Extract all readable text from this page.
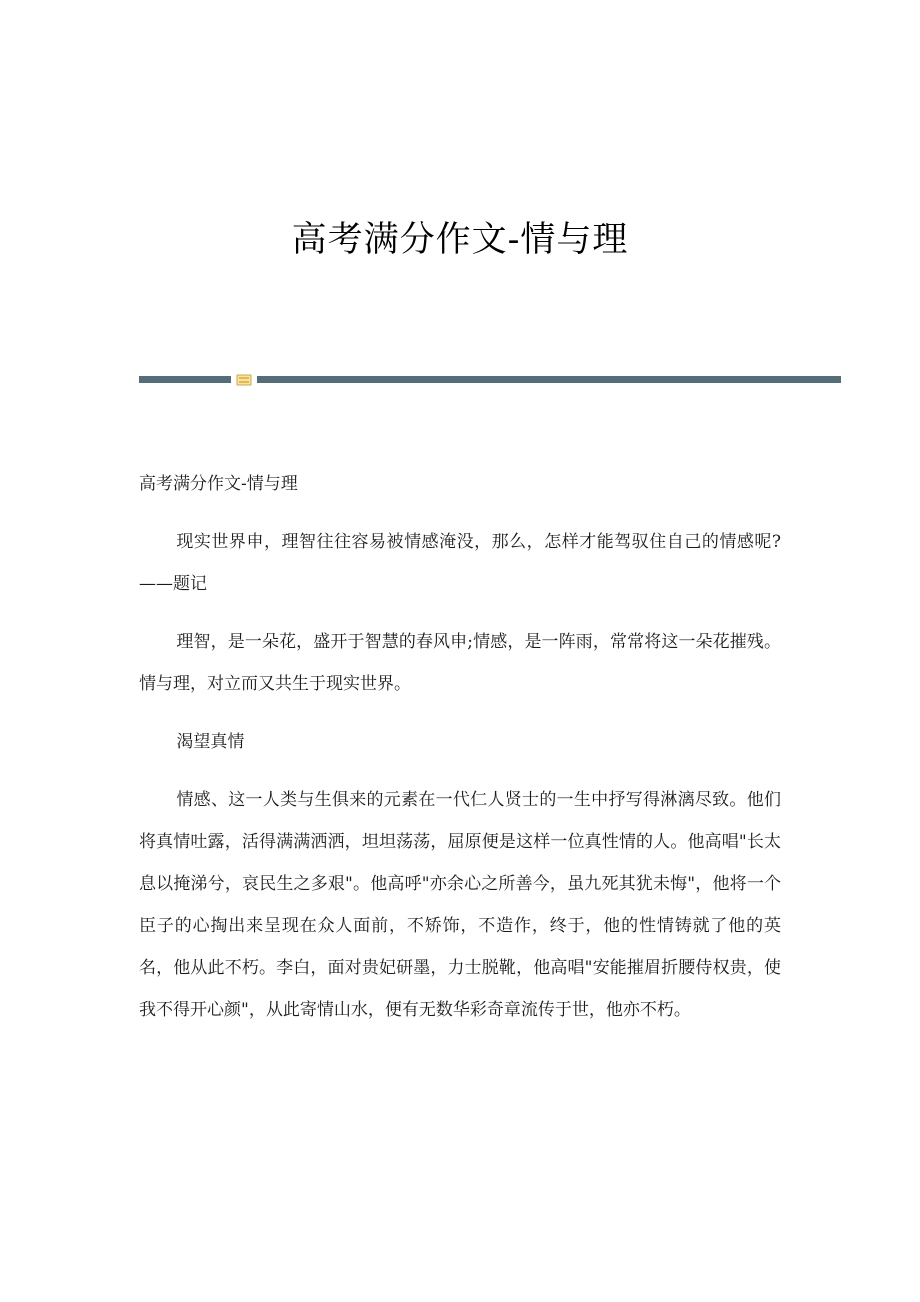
高考满分作文-情与理

高考满分作文-情与理

现实世界申，理智往往容易被情感淹没，那么，怎样才能驾驭住自己的情感呢? ——题记

理智，是一朵花，盛开于智慧的春风申;情感，是一阵雨，常常将这一朵花摧残。情与理，对立而又共生于现实世界。

渴望真情

情感、这一人类与生俱来的元素在一代仁人贤士的一生中抒写得淋漓尽致。他们将真情吐露，活得满满洒洒，坦坦荡荡，屈原便是这样一位真性情的人。他高唱"长太息以掩涕兮，哀民生之多艰"。他高呼"亦余心之所善今，虽九死其犹未悔"，他将一个臣子的心掏出来呈现在众人面前，不矫饰，不造作，终于，他的性情铸就了他的英名，他从此不朽。李白，面对贵妃研墨，力士脱靴，他高唱"安能摧眉折腰侍权贵，使我不得开心颜"，从此寄情山水，便有无数华彩奇章流传于世，他亦不朽。
